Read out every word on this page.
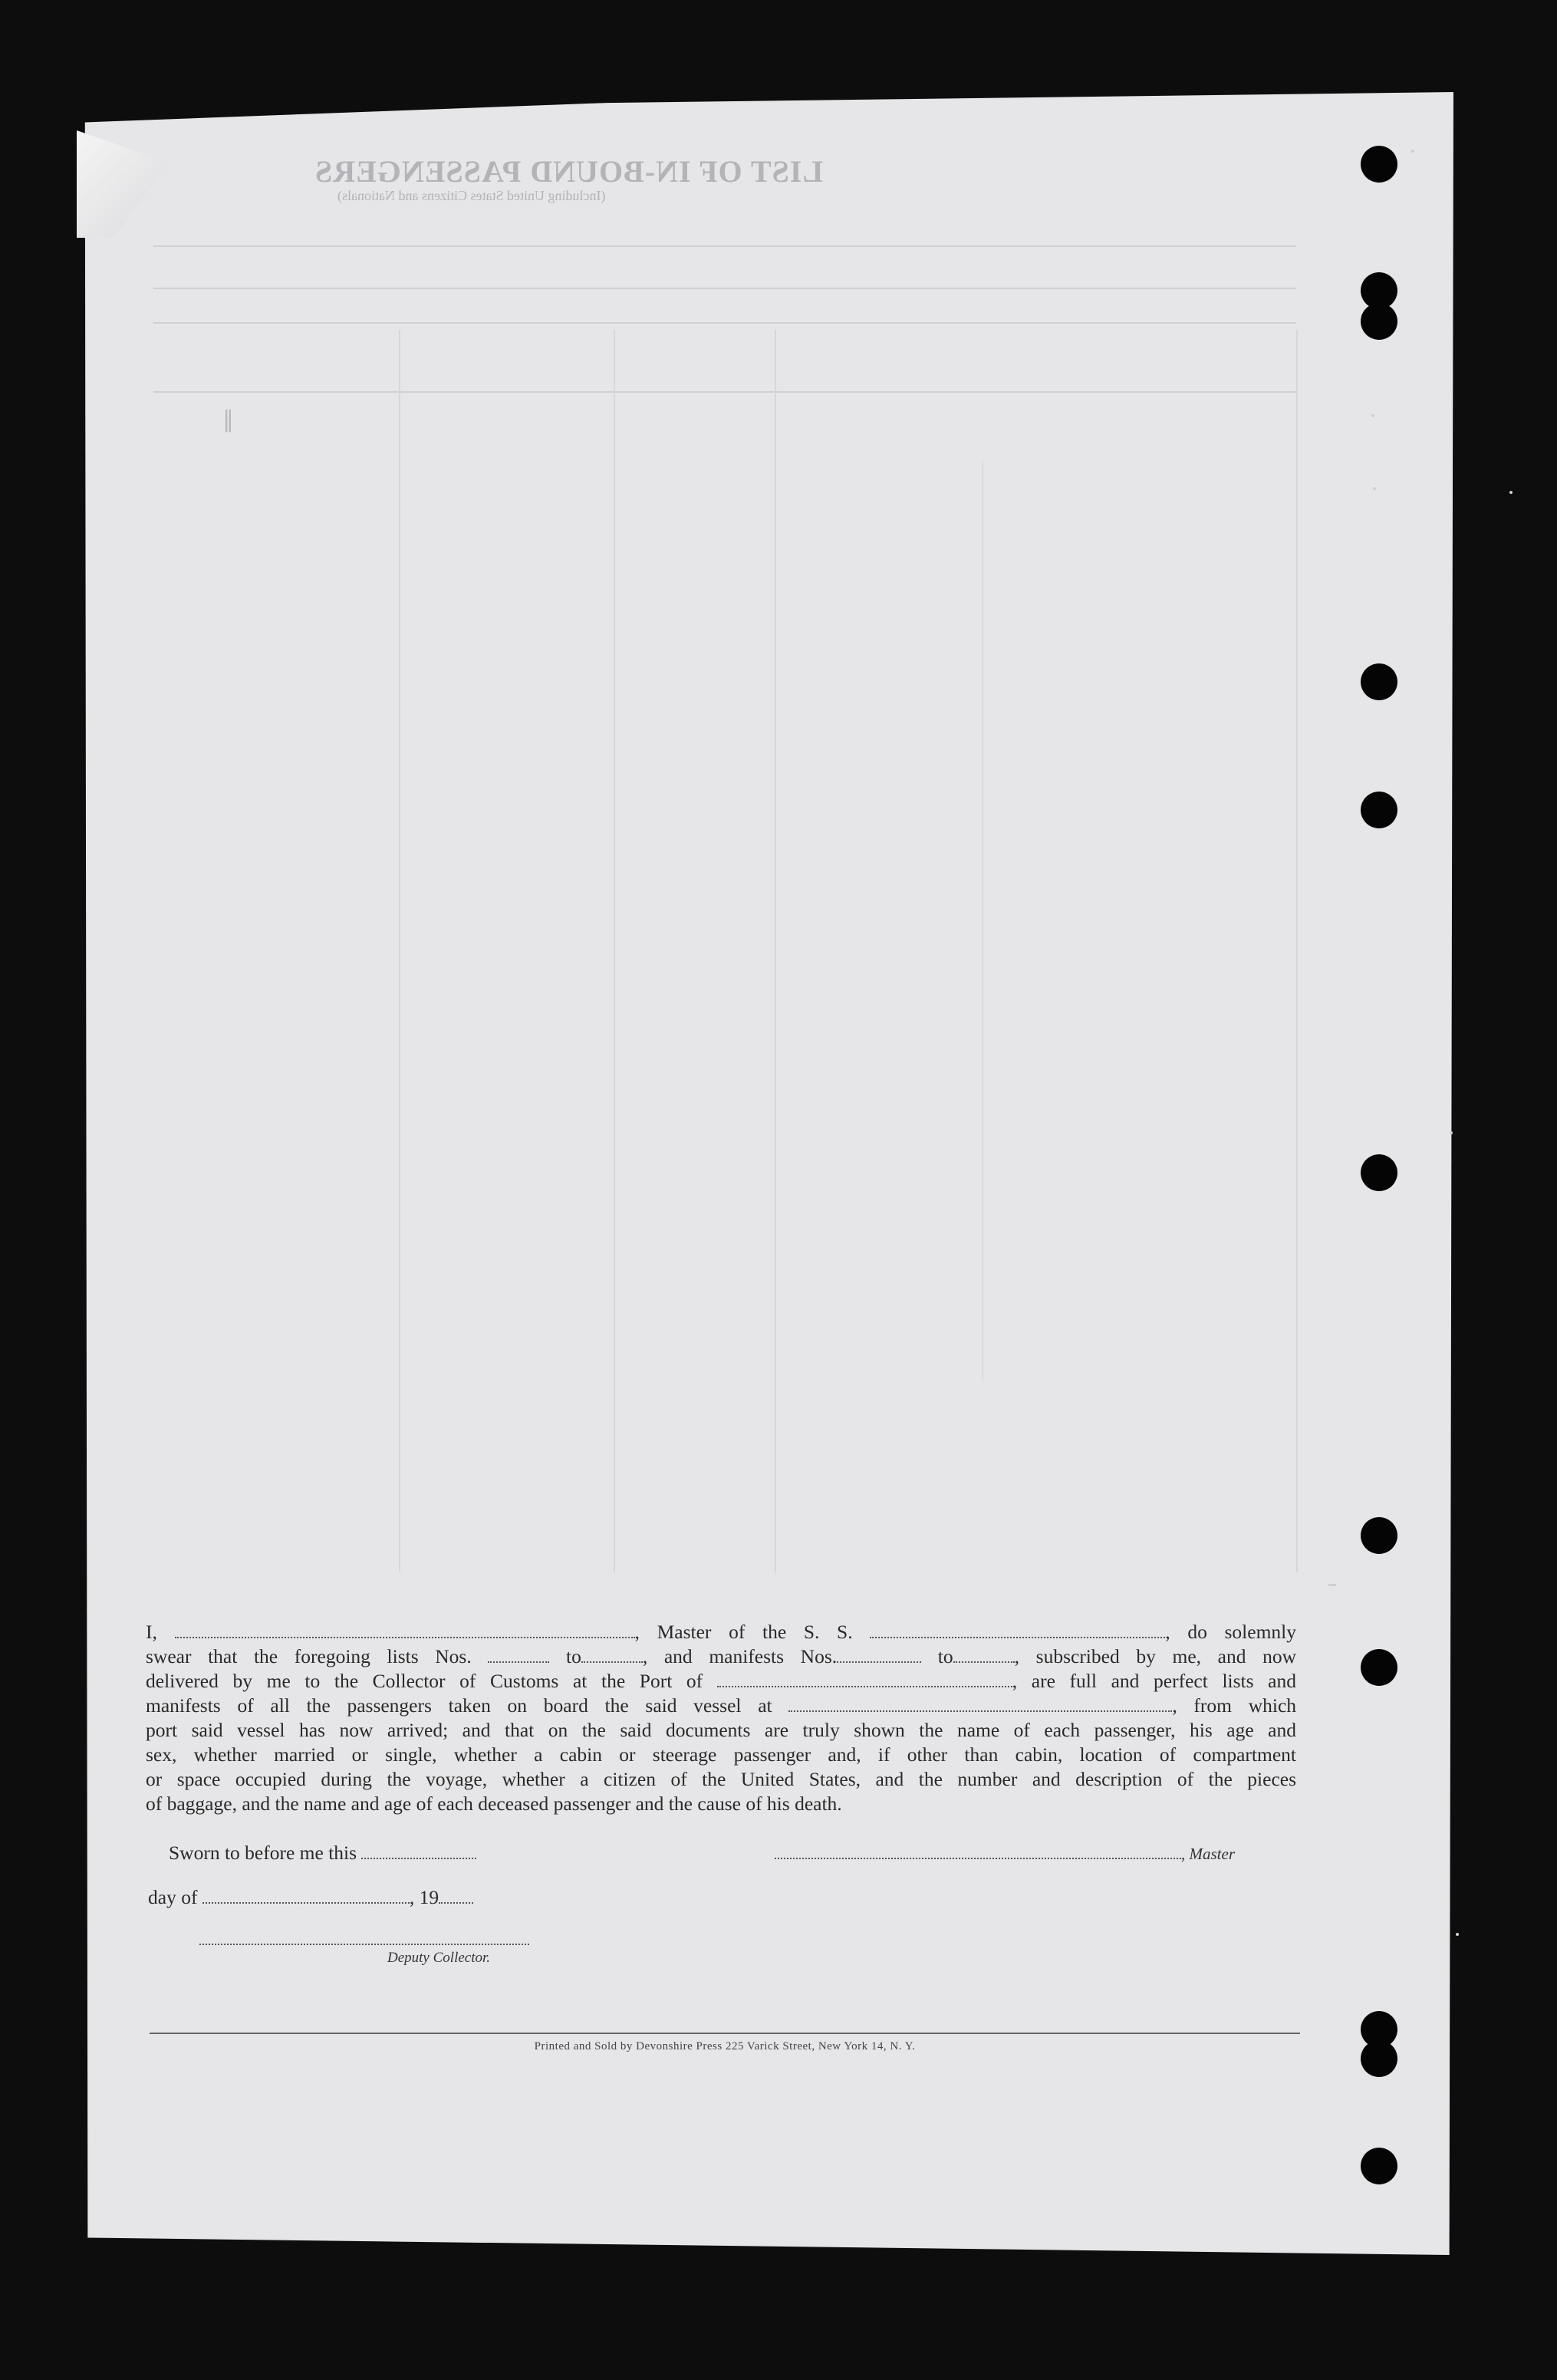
LIST OF IN-BOUND PASSENGERS
(Including United States Citizens and Nationals)
∥

I,	, Master of the S. S.	, do solemnly

swear that the foregoing lists Nos.	to	, and manifests Nos.	to	, subscribed by me, and now

delivered by me to the Collector of Customs at the Port of	, are full and perfect lists and

manifests of all the passengers taken on board the said vessel at	, from which

port said vessel has now arrived; and that on the said documents are truly shown the name of each passenger, his age and

sex, whether married or single, whether a cabin or steerage passenger and, if other than cabin, location of compartment

or space occupied during the voyage, whether a citizen of the United States, and the number and description of the pieces

of baggage, and the name and age of each deceased passenger and the cause of his death.

Sworn to before me this	, Master
day of	, 19
Deputy Collector.
Printed and Sold by Devonshire Press 225 Varick Street, New York 14, N. Y.
